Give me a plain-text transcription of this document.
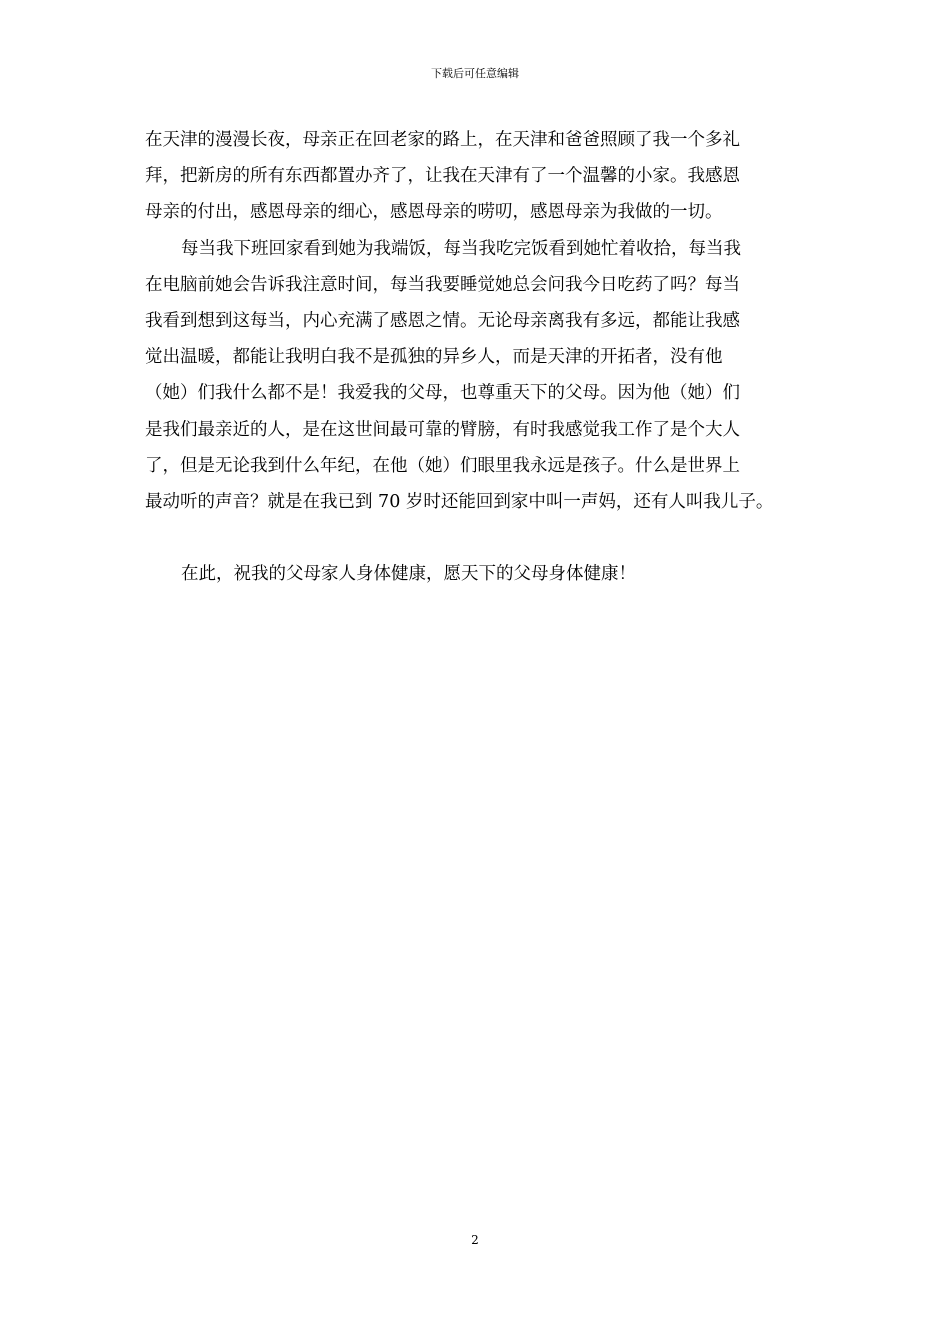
下载后可任意编辑
在天津的漫漫长夜，母亲正在回老家的路上，在天津和爸爸照顾了我一个多礼
拜，把新房的所有东西都置办齐了，让我在天津有了一个温馨的小家。我感恩
母亲的付出，感恩母亲的细心，感恩母亲的唠叨，感恩母亲为我做的一切。
每当我下班回家看到她为我端饭，每当我吃完饭看到她忙着收拾，每当我
在电脑前她会告诉我注意时间，每当我要睡觉她总会问我今日吃药了吗？每当
我看到想到这每当，内心充满了感恩之情。无论母亲离我有多远，都能让我感
觉出温暖，都能让我明白我不是孤独的异乡人，而是天津的开拓者，没有他
（她）们我什么都不是！我爱我的父母，也尊重天下的父母。因为他（她）们
是我们最亲近的人，是在这世间最可靠的臂膀，有时我感觉我工作了是个大人
了，但是无论我到什么年纪，在他（她）们眼里我永远是孩子。什么是世界上
最动听的声音？就是在我已到 70 岁时还能回到家中叫一声妈，还有人叫我儿子。
在此，祝我的父母家人身体健康，愿天下的父母身体健康！
2
